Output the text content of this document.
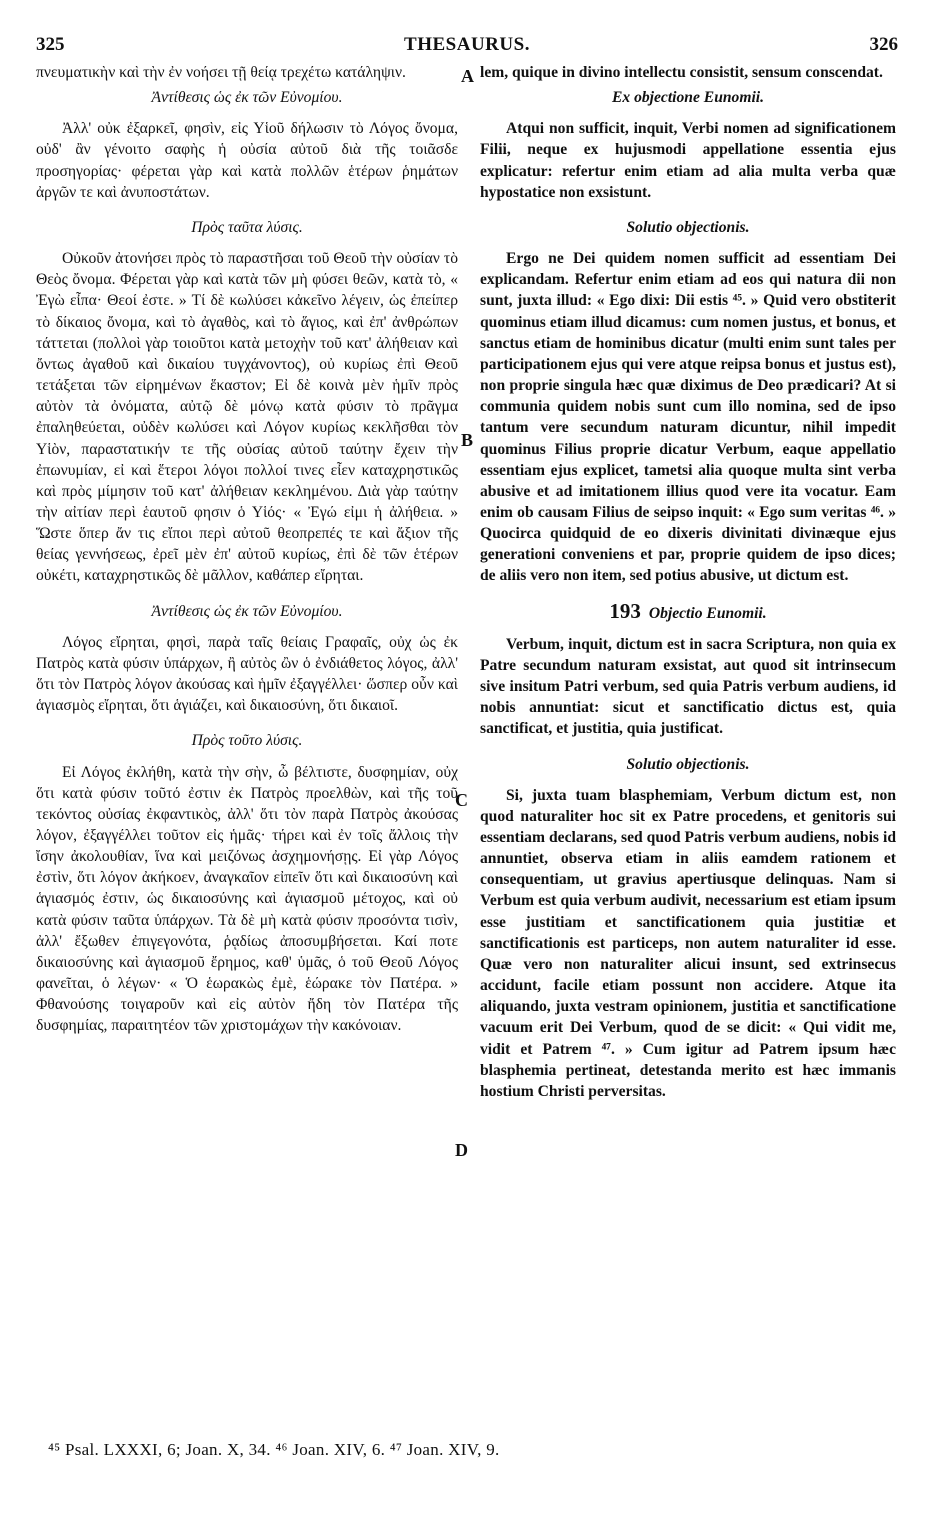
325	THESAURUS.	326

πνευματικὴν καὶ τὴν ἐν νοήσει τῇ θείᾳ τρεχέτω κατάληψιν.

Ἀντίθεσις ὡς ἐκ τῶν Εὐνομίου.

Ἀλλ' οὐκ ἐξαρκεῖ, φησὶν, εἰς Υἱοῦ δήλωσιν τὸ Λόγος ὄνομα, οὐδ' ἂν γένοιτο σαφὴς ἡ οὐσία αὐτοῦ διὰ τῆς τοιᾶσδε προσηγορίας· φέρεται γὰρ καὶ κατὰ πολλῶν ἑτέρων ῥημάτων ἀργῶν τε καὶ ἀνυποστάτων.

Πρὸς ταῦτα λύσις.

Οὐκοῦν ἀτονήσει πρὸς τὸ παραστῆσαι τοῦ Θεοῦ τὴν οὐσίαν τὸ Θεὸς ὄνομα. Φέρεται γὰρ καὶ κατὰ τῶν μὴ φύσει θεῶν, κατὰ τὸ, « Ἐγὼ εἶπα· Θεοί ἐστε. » Τί δὲ κωλύσει κἀκεῖνο λέγειν, ὡς ἐπείπερ τὸ δίκαιος ὄνομα, καὶ τὸ ἀγαθὸς, καὶ τὸ ἅγιος, καὶ ἐπ' ἀνθρώπων τάττεται (πολλοὶ γὰρ τοιοῦτοι κατὰ μετοχὴν τοῦ κατ' ἀλήθειαν καὶ ὄντως ἀγαθοῦ καὶ δικαίου τυγχάνοντος), οὐ κυρίως ἐπὶ Θεοῦ τετάξεται τῶν εἰρημένων ἕκαστον; Εἰ δὲ κοινὰ μὲν ἡμῖν πρὸς αὐτὸν τὰ ὀνόματα, αὐτῷ δὲ μόνῳ κατὰ φύσιν τὸ πρᾶγμα ἐπαληθεύεται, οὐδὲν κωλύσει καὶ Λόγον κυρίως κεκλῆσθαι τὸν Υἱὸν, παραστατικήν τε τῆς οὐσίας αὐτοῦ ταύτην ἔχειν τὴν ἐπωνυμίαν, εἰ καὶ ἕτεροι λόγοι πολλοί τινες εἶεν καταχρηστικῶς καὶ πρὸς μίμησιν τοῦ κατ' ἀλήθειαν κεκλημένου. Διὰ γὰρ ταύτην τὴν αἰτίαν περὶ ἑαυτοῦ φησιν ὁ Υἱός· « Ἐγώ εἰμι ἡ ἀλήθεια. » Ὥστε ὅπερ ἄν τις εἴποι περὶ αὐτοῦ θεοπρεπές τε καὶ ἄξιον τῆς θείας γεννήσεως, ἐρεῖ μὲν ἐπ' αὐτοῦ κυρίως, ἐπὶ δὲ τῶν ἑτέρων οὐκέτι, καταχρηστικῶς δὲ μᾶλλον, καθάπερ εἴρηται.

Ἀντίθεσις ὡς ἐκ τῶν Εὐνομίου.

Λόγος εἴρηται, φησὶ, παρὰ ταῖς θείαις Γραφαῖς, οὐχ ὡς ἐκ Πατρὸς κατὰ φύσιν ὑπάρχων, ἢ αὐτὸς ὢν ὁ ἐνδιάθετος λόγος, ἀλλ' ὅτι τὸν Πατρὸς λόγον ἀκούσας καὶ ἡμῖν ἐξαγγέλλει· ὥσπερ οὖν καὶ ἁγιασμὸς εἴρηται, ὅτι ἁγιάζει, καὶ δικαιοσύνη, ὅτι δικαιοῖ.

Πρὸς τοῦτο λύσις.

Εἰ Λόγος ἐκλήθη, κατὰ τὴν σὴν, ὦ βέλτιστε, δυσφημίαν, οὐχ ὅτι κατὰ φύσιν τοῦτό ἐστιν ἐκ Πατρὸς προελθὼν, καὶ τῆς τοῦ τεκόντος οὐσίας ἐκφαντικὸς, ἀλλ' ὅτι τὸν παρὰ Πατρὸς ἀκούσας λόγον, ἐξαγγέλλει τοῦτον εἰς ἡμᾶς· τήρει καὶ ἐν τοῖς ἄλλοις τὴν ἴσην ἀκολουθίαν, ἵνα καὶ μειζόνως ἀσχημονήσῃς. Εἰ γὰρ Λόγος ἐστὶν, ὅτι λόγον ἀκήκοεν, ἀναγκαῖον εἰπεῖν ὅτι καὶ δικαιοσύνη καὶ ἁγιασμός ἐστιν, ὡς δικαιοσύνης καὶ ἁγιασμοῦ μέτοχος, καὶ οὐ κατὰ φύσιν ταῦτα ὑπάρχων. Τὰ δὲ μὴ κατὰ φύσιν προσόντα τισὶν, ἀλλ' ἔξωθεν ἐπιγεγονότα, ῥᾳδίως ἀποσυμβήσεται. Καί ποτε δικαιοσύνης καὶ ἁγιασμοῦ ἔρημος, καθ' ὑμᾶς, ὁ τοῦ Θεοῦ Λόγος φανεῖται, ὁ λέγων· « Ὁ ἑωρακὼς ἐμὲ, ἑώρακε τὸν Πατέρα. » Φθανούσης τοιγαροῦν καὶ εἰς αὐτὸν ἤδη τὸν Πατέρα τῆς δυσφημίας, παραιτητέον τῶν χριστομάχων τὴν κακόνοιαν.

lem, quique in divino intellectu consistit, sensum conscendat.

Ex objectione Eunomii.

Atqui non sufficit, inquit, Verbi nomen ad significationem Filii, neque ex hujusmodi appellatione essentia ejus explicatur: refertur enim etiam ad alia multa verba quæ hypostatice non exsistunt.

Solutio objectionis.

Ergo ne Dei quidem nomen sufficit ad essentiam Dei explicandam. Refertur enim etiam ad eos qui natura dii non sunt, juxta illud: « Ego dixi: Dii estis ⁴⁵. » Quid vero obstiterit quominus etiam illud dicamus: cum nomen justus, et bonus, et sanctus etiam de hominibus dicatur (multi enim sunt tales per participationem ejus qui vere atque reipsa bonus et justus est), non proprie singula hæc quæ diximus de Deo prædicari? At si communia quidem nobis sunt cum illo nomina, sed de ipso tantum vere secundum naturam dicuntur, nihil impedit quominus Filius proprie dicatur Verbum, eaque appellatio essentiam ejus explicet, tametsi alia quoque multa sint verba abusive et ad imitationem illius quod vere ita vocatur. Eam enim ob causam Filius de seipso inquit: « Ego sum veritas ⁴⁶. » Quocirca quidquid de eo dixeris divinitati divinæque ejus generationi conveniens et par, proprie quidem de ipso dices; de aliis vero non item, sed potius abusive, ut dictum est.

193 Objectio Eunomii.

Verbum, inquit, dictum est in sacra Scriptura, non quia ex Patre secundum naturam exsistat, aut quod sit intrinsecum sive insitum Patri verbum, sed quia Patris verbum audiens, id nobis annuntiat: sicut et sanctificatio dictus est, quia sanctificat, et justitia, quia justificat.

Solutio objectionis.

Si, juxta tuam blasphemiam, Verbum dictum est, non quod naturaliter hoc sit ex Patre procedens, et genitoris sui essentiam declarans, sed quod Patris verbum audiens, nobis id annuntiet, observa etiam in aliis eamdem rationem et consequentiam, ut gravius apertiusque delinquas. Nam si Verbum est quia verbum audivit, necessarium est etiam ipsum esse justitiam et sanctificationem quia justitiæ et sanctificationis est particeps, non autem naturaliter id esse. Quæ vero non naturaliter alicui insunt, sed extrinsecus accidunt, facile etiam possunt non accidere. Atque ita aliquando, juxta vestram opinionem, justitia et sanctificatione vacuum erit Dei Verbum, quod de se dicit: « Qui vidit me, vidit et Patrem ⁴⁷. » Cum igitur ad Patrem ipsum hæc blasphemia pertineat, detestanda merito est hæc immanis hostium Christi perversitas.

A
B
C
D
⁴⁵ Psal. LXXXI, 6; Joan. X, 34. ⁴⁶ Joan. XIV, 6. ⁴⁷ Joan. XIV, 9.
